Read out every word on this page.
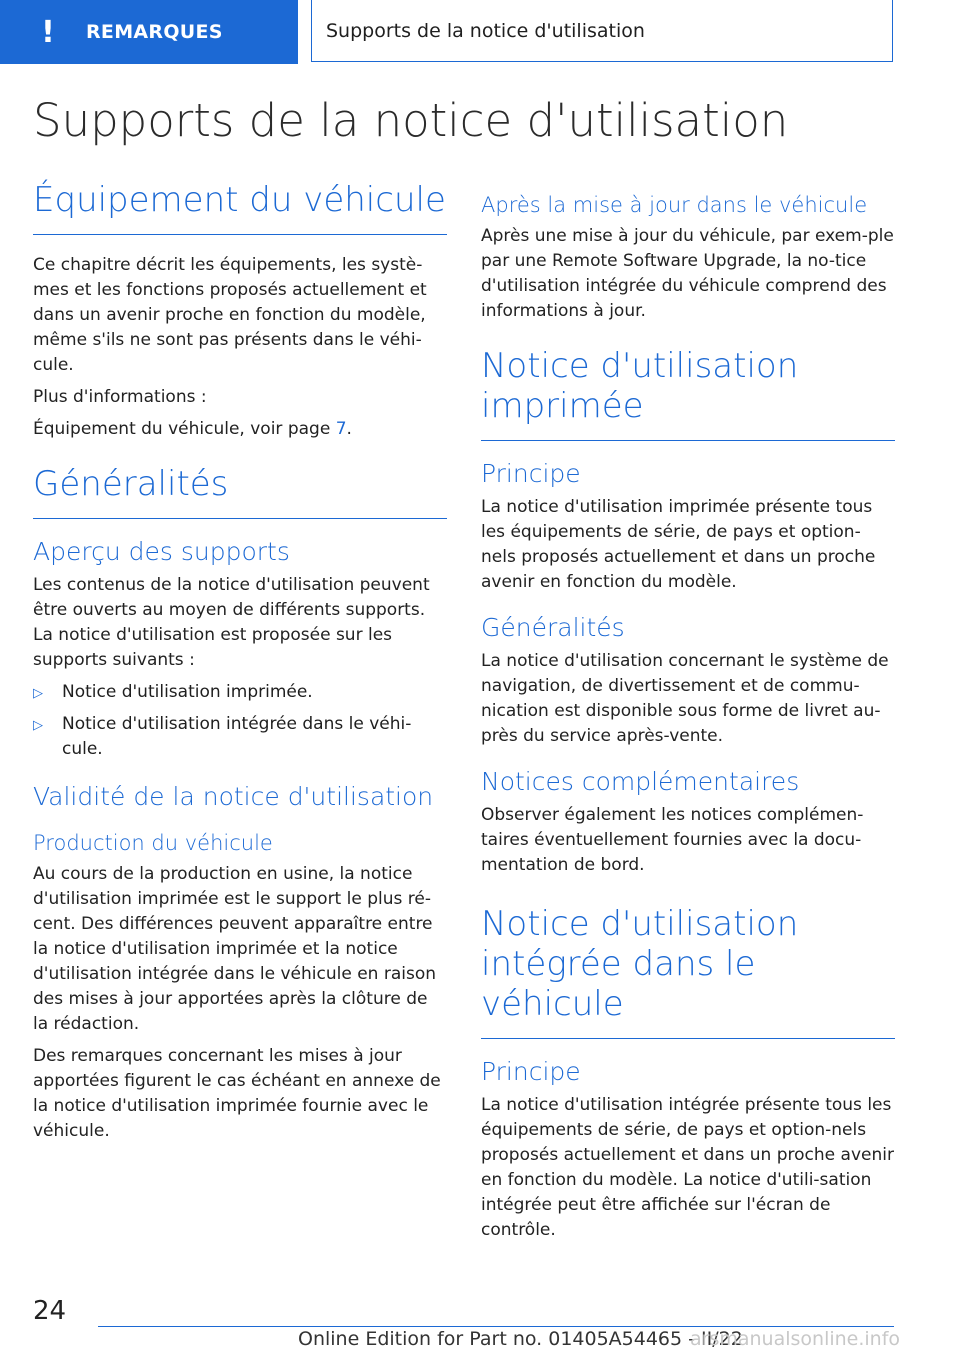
! REMARQUES	Supports de la notice d'utilisation
Supports de la notice d'utilisation
Équipement du véhicule

Ce chapitre décrit les équipements, les systè-mes et les fonctions proposés actuellement et dans un avenir proche en fonction du modèle, même s'ils ne sont pas présents dans le véhi-cule.

Plus d'informations :

Équipement du véhicule, voir page 7.

Généralités
Aperçu des supports

Les contenus de la notice d'utilisation peuvent être ouverts au moyen de différents supports. La notice d'utilisation est proposée sur les supports suivants :

▷ Notice d'utilisation imprimée.
▷ Notice d'utilisation intégrée dans le véhi-cule.
Validité de la notice d'utilisation
Production du véhicule

Au cours de la production en usine, la notice d'utilisation imprimée est le support le plus ré-cent. Des différences peuvent apparaître entre la notice d'utilisation imprimée et la notice d'utilisation intégrée dans le véhicule en raison des mises à jour apportées après la clôture de la rédaction.

Des remarques concernant les mises à jour apportées figurent le cas échéant en annexe de la notice d'utilisation imprimée fournie avec le véhicule.

Après la mise à jour dans le véhicule

Après une mise à jour du véhicule, par exem-ple par une Remote Software Upgrade, la no-tice d'utilisation intégrée du véhicule comprend des informations à jour.

Notice d'utilisation imprimée
Principe

La notice d'utilisation imprimée présente tous les équipements de série, de pays et option-nels proposés actuellement et dans un proche avenir en fonction du modèle.

Généralités

La notice d'utilisation concernant le système de navigation, de divertissement et de commu-nication est disponible sous forme de livret au-près du service après-vente.

Notices complémentaires

Observer également les notices complémen-taires éventuellement fournies avec la docu-mentation de bord.

Notice d'utilisation intégrée dans le véhicule
Principe

La notice d'utilisation intégrée présente tous les équipements de série, de pays et option-nels proposés actuellement et dans un proche avenir en fonction du modèle. La notice d'utili-sation intégrée peut être affichée sur l'écran de contrôle.

24
Online Edition for Part no. 01405A54465 - II/22
arsmanualsonline.info
